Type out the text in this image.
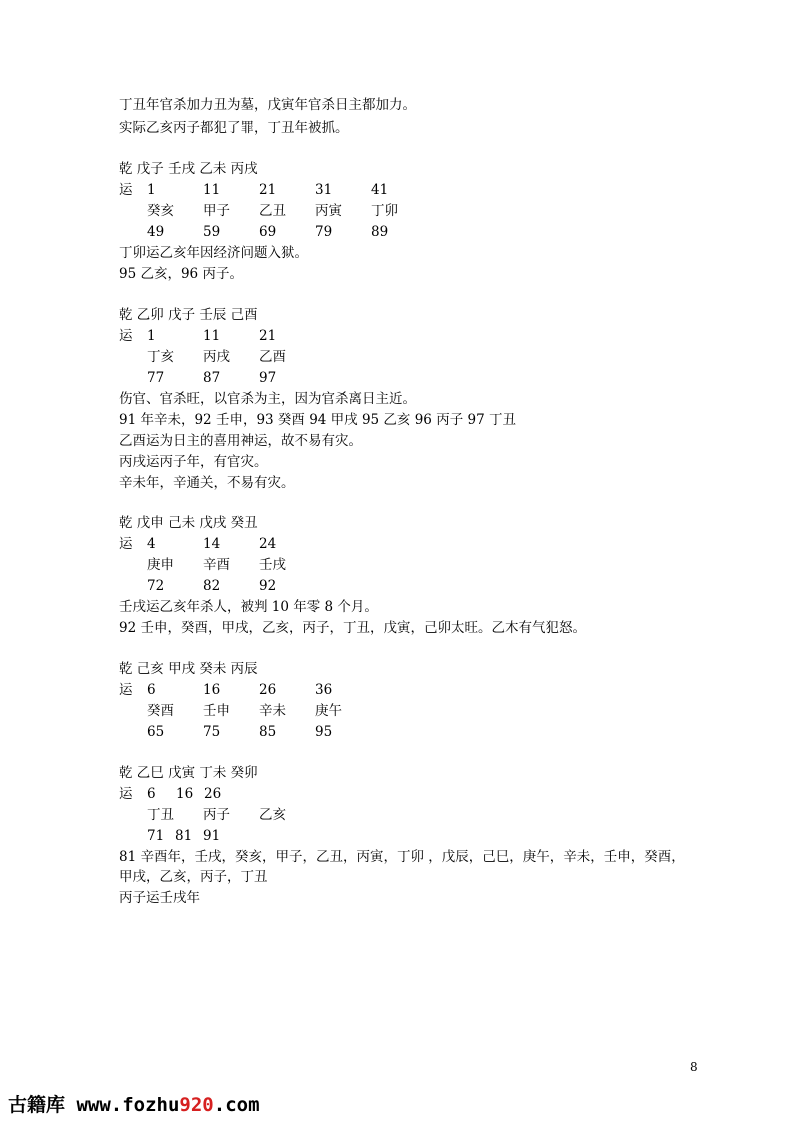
丁丑年官杀加力丑为墓，戊寅年官杀日主都加力。
实际乙亥丙子都犯了罪，丁丑年被抓。
乾 戊子 壬戌 乙未 丙戌
运 1	11	21	31	41
癸亥 甲子 乙丑 丙寅 丁卯
49	59	69	79	89
丁卯运乙亥年因经济问题入狱。
95 乙亥，96 丙子。
乾 乙卯 戊子 壬辰 己酉
运 1	11	21
丁亥 丙戌 乙酉
77	87	97
伤官、官杀旺，以官杀为主，因为官杀离日主近。
91 年辛未，92 壬申，93 癸酉 94 甲戌 95 乙亥 96 丙子 97 丁丑
乙酉运为日主的喜用神运，故不易有灾。
丙戌运丙子年，有官灾。
辛未年，辛通关，不易有灾。
乾 戊申 己未 戊戌 癸丑
运 4	14	24
庚申 辛酉 壬戌
72	82	92
壬戌运乙亥年杀人，被判 10 年零 8 个月。
92 壬申，癸酉，甲戌，乙亥，丙子，丁丑，戊寅，己卯太旺。乙木有气犯怒。
乾 己亥 甲戌 癸未 丙辰
运 6	16	26	36
癸酉 壬申 辛未 庚午
65	75	85	95
乾 乙巳 戊寅 丁未 癸卯
运 6 16 26
丁丑 丙子 乙亥
71 81 91
81 辛酉年，壬戌，癸亥，甲子，乙丑，丙寅，丁卯 ，戊辰，己巳，庚午，辛未，壬申，癸酉，
甲戌，乙亥，丙子，丁丑
丙子运壬戌年
8
古籍库 www.fozhu920.com
